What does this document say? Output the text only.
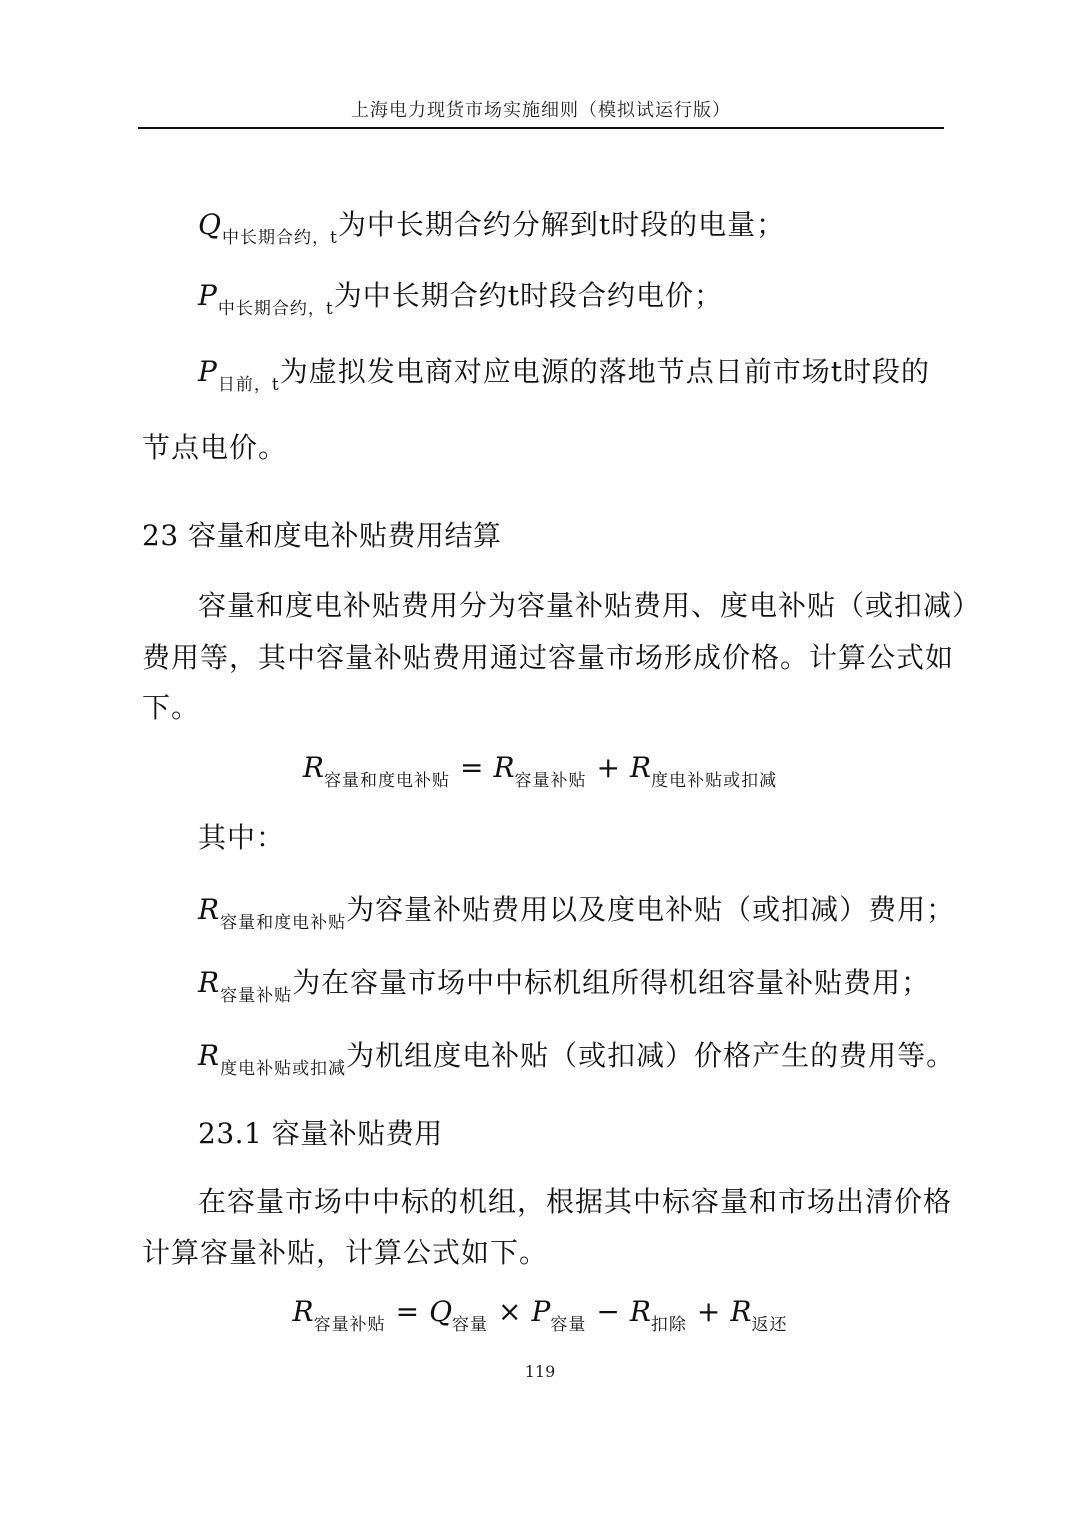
上海电力现货市场实施细则（模拟试运行版）
$Q_{中长期合约,t}$为中长期合约分解到t时段的电量；
$P_{中长期合约,t}$为中长期合约t时段合约电价；
$P_{日前,t}$为虚拟发电商对应电源的落地节点日前市场t时段的
节点电价。
23 容量和度电补贴费用结算
容量和度电补贴费用分为容量补贴费用、度电补贴（或扣减）
费用等，其中容量补贴费用通过容量市场形成价格。计算公式如
下。
$R_{容量和度电补贴} = R_{容量补贴} + R_{度电补贴或扣减}$
其中：
$R_{容量和度电补贴}$为容量补贴费用以及度电补贴（或扣减）费用；
$R_{容量补贴}$为在容量市场中中标机组所得机组容量补贴费用；
$R_{度电补贴或扣减}$为机组度电补贴（或扣减）价格产生的费用等。
23.1 容量补贴费用
在容量市场中中标的机组，根据其中标容量和市场出清价格
计算容量补贴，计算公式如下。
$R_{容量补贴} = Q_{容量} \times P_{容量} - R_{扣除} + R_{返还}$
119
